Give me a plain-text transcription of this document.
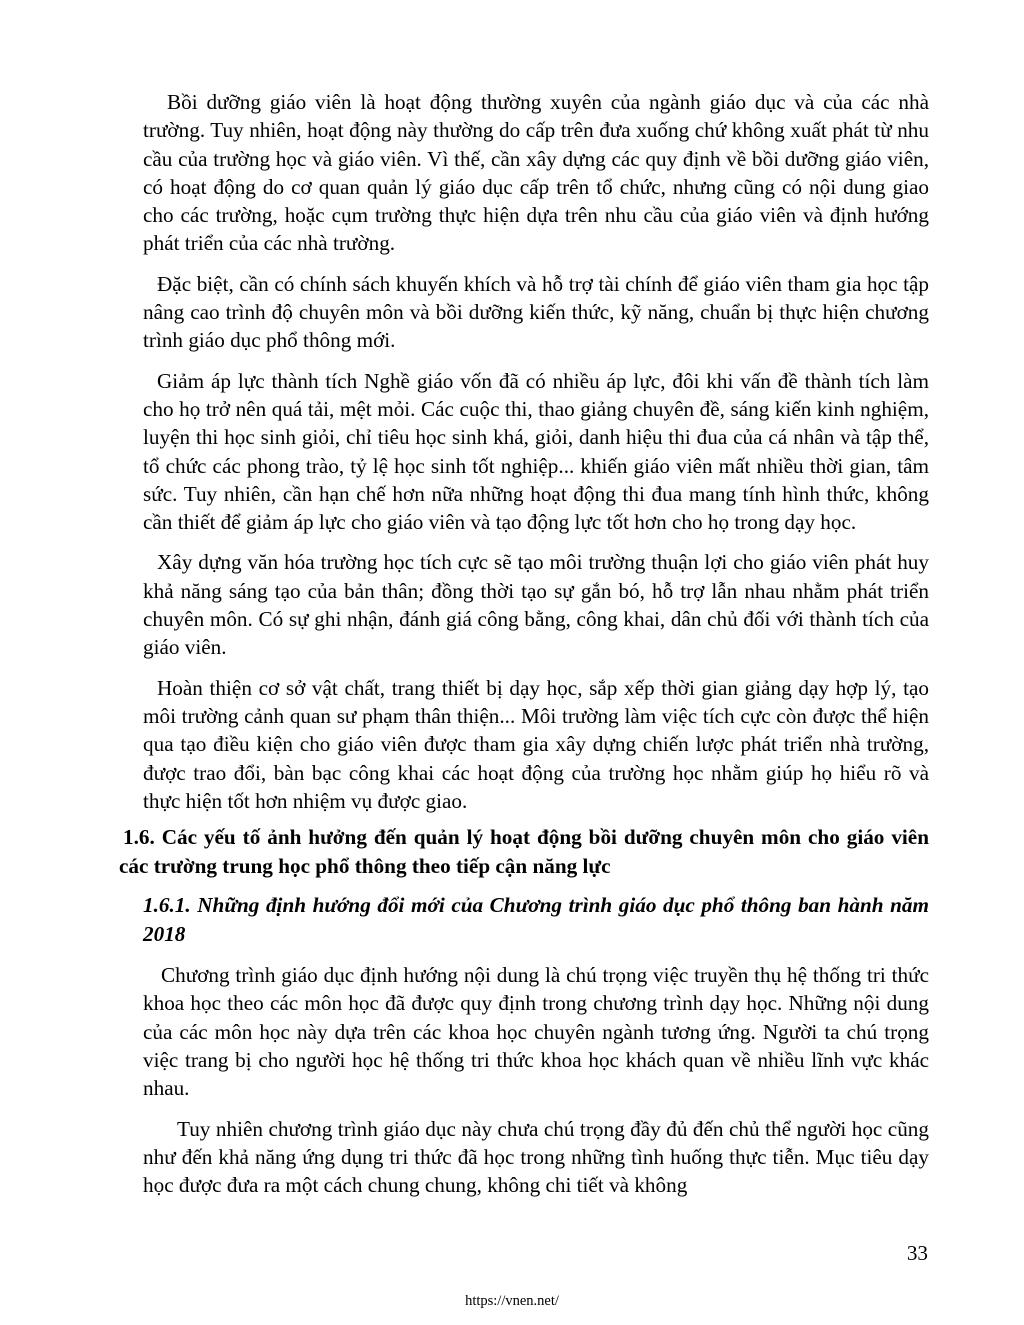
Bồi dưỡng giáo viên là hoạt động thường xuyên của ngành giáo dục và của các nhà trường. Tuy nhiên, hoạt động này thường do cấp trên đưa xuống chứ không xuất phát từ nhu cầu của trường học và giáo viên. Vì thế, cần xây dựng các quy định về bồi dưỡng giáo viên, có hoạt động do cơ quan quản lý giáo dục cấp trên tổ chức, nhưng cũng có nội dung giao cho các trường, hoặc cụm trường thực hiện dựa trên nhu cầu của giáo viên và định hướng phát triển của các nhà trường.

Đặc biệt, cần có chính sách khuyến khích và hỗ trợ tài chính để giáo viên tham gia học tập nâng cao trình độ chuyên môn và bồi dưỡng kiến thức, kỹ năng, chuẩn bị thực hiện chương trình giáo dục phổ thông mới.

Giảm áp lực thành tích Nghề giáo vốn đã có nhiều áp lực, đôi khi vấn đề thành tích làm cho họ trở nên quá tải, mệt mỏi. Các cuộc thi, thao giảng chuyên đề, sáng kiến kinh nghiệm, luyện thi học sinh giỏi, chỉ tiêu học sinh khá, giỏi, danh hiệu thi đua của cá nhân và tập thể, tổ chức các phong trào, tỷ lệ học sinh tốt nghiệp... khiến giáo viên mất nhiều thời gian, tâm sức. Tuy nhiên, cần hạn chế hơn nữa những hoạt động thi đua mang tính hình thức, không cần thiết để giảm áp lực cho giáo viên và tạo động lực tốt hơn cho họ trong dạy học.

Xây dựng văn hóa trường học tích cực sẽ tạo môi trường thuận lợi cho giáo viên phát huy khả năng sáng tạo của bản thân; đồng thời tạo sự gắn bó, hỗ trợ lẫn nhau nhằm phát triển chuyên môn. Có sự ghi nhận, đánh giá công bằng, công khai, dân chủ đối với thành tích của giáo viên.

Hoàn thiện cơ sở vật chất, trang thiết bị dạy học, sắp xếp thời gian giảng dạy hợp lý, tạo môi trường cảnh quan sư phạm thân thiện... Môi trường làm việc tích cực còn được thể hiện qua tạo điều kiện cho giáo viên được tham gia xây dựng chiến lược phát triển nhà trường, được trao đổi, bàn bạc công khai các hoạt động của trường học nhằm giúp họ hiểu rõ và thực hiện tốt hơn nhiệm vụ được giao.

1.6. Các yếu tố ảnh hưởng đến quản lý hoạt động bồi dưỡng chuyên môn cho giáo viên các trường trung học phổ thông theo tiếp cận năng lực
1.6.1. Những định hướng đổi mới của Chương trình giáo dục phổ thông ban hành năm 2018

Chương trình giáo dục định hướng nội dung là chú trọng việc truyền thụ hệ thống tri thức khoa học theo các môn học đã được quy định trong chương trình dạy học. Những nội dung của các môn học này dựa trên các khoa học chuyên ngành tương ứng. Người ta chú trọng việc trang bị cho người học hệ thống tri thức khoa học khách quan về nhiều lĩnh vực khác nhau.

Tuy nhiên chương trình giáo dục này chưa chú trọng đầy đủ đến chủ thể người học cũng như đến khả năng ứng dụng tri thức đã học trong những tình huống thực tiễn. Mục tiêu dạy học được đưa ra một cách chung chung, không chi tiết và không

33
https://vnen.net/
